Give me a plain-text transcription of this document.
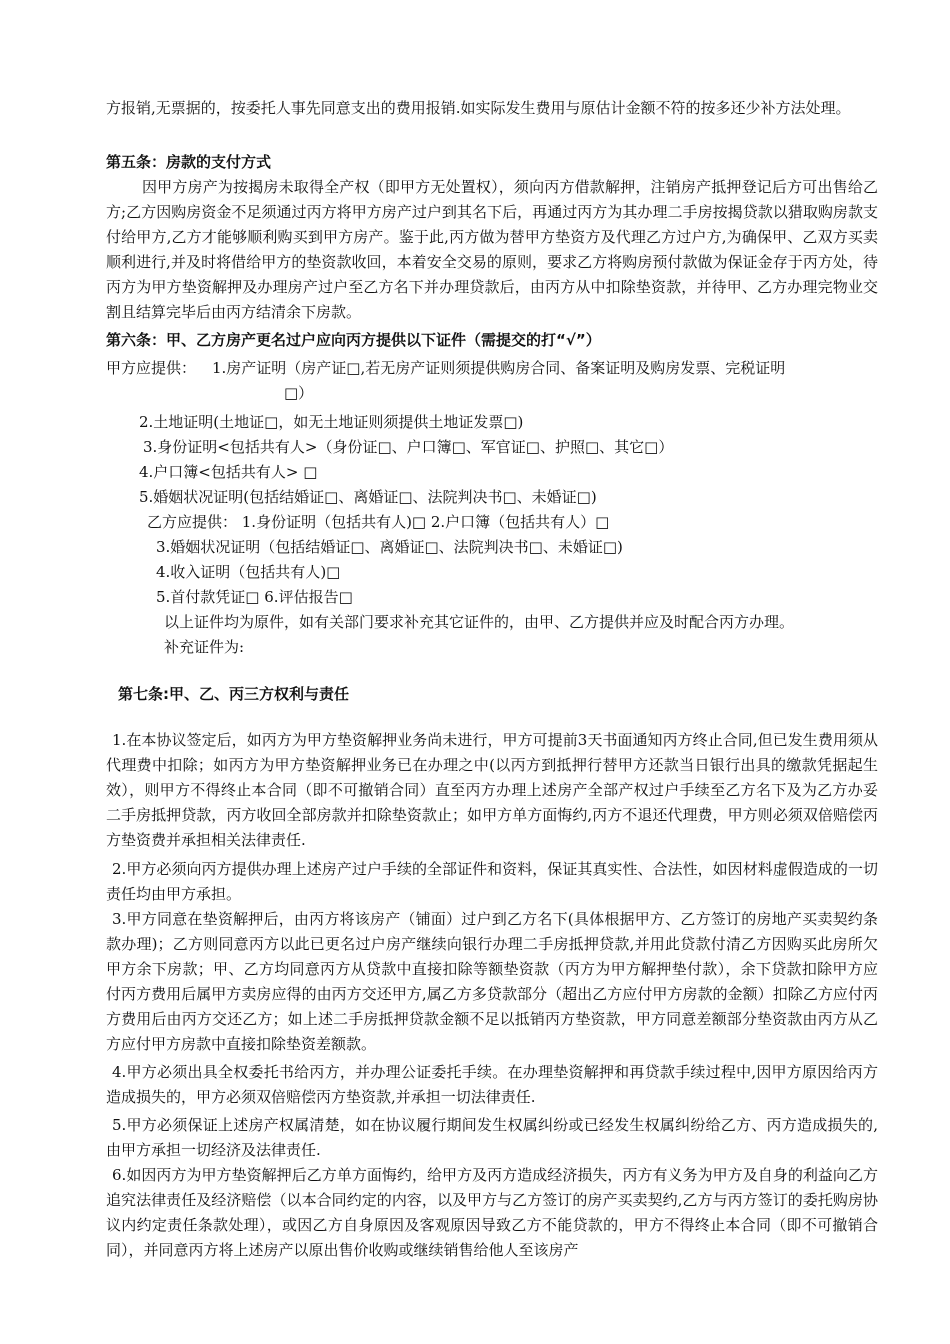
方报销,无票据的，按委托人事先同意支出的费用报销.如实际发生费用与原估计金额不符的按多还少补方法处理。
第五条：房款的支付方式
因甲方房产为按揭房未取得全产权（即甲方无处置权），须向丙方借款解押，注销房产抵押登记后方可出售给乙方;乙方因购房资金不足须通过丙方将甲方房产过户到其名下后，再通过丙方为其办理二手房按揭贷款以猎取购房款支付给甲方,乙方才能够顺利购买到甲方房产。鉴于此,丙方做为替甲方垫资方及代理乙方过户方,为确保甲、乙双方买卖顺利进行,并及时将借给甲方的垫资款收回，本着安全交易的原则，要求乙方将购房预付款做为保证金存于丙方处，待丙方为甲方垫资解押及办理房产过户至乙方名下并办理贷款后，由丙方从中扣除垫资款，并待甲、乙方办理完物业交割且结算完毕后由丙方结清余下房款。
第六条：甲、乙方房产更名过户应向丙方提供以下证件（需提交的打“√”）
甲方应提供：	1.房产证明（房产证□,若无房产证则须提供购房合同、备案证明及购房发票、完税证明
□）
2.土地证明(土地证□，如无土地证则须提供土地证发票□)
3.身份证明<包括共有人>（身份证□、户口簿□、军官证□、护照□、其它□）
4.户口簿<包括共有人> □
5.婚姻状况证明(包括结婚证□、离婚证□、法院判决书□、未婚证□)
乙方应提供： 1.身份证明（包括共有人)□ 2.户口簿（包括共有人）□
3.婚姻状况证明（包括结婚证□、离婚证□、法院判决书□、未婚证□)
4.收入证明（包括共有人)□
5.首付款凭证□ 6.评估报告□
以上证件均为原件，如有关部门要求补充其它证件的，由甲、乙方提供并应及时配合丙方办理。
补充证件为:
第七条:甲、乙、丙三方权利与责任
1.在本协议签定后，如丙方为甲方垫资解押业务尚未进行，甲方可提前3天书面通知丙方终止合同,但已发生费用须从代理费中扣除；如丙方为甲方垫资解押业务已在办理之中(以丙方到抵押行替甲方还款当日银行出具的缴款凭据起生效），则甲方不得终止本合同（即不可撤销合同）直至丙方办理上述房产全部产权过户手续至乙方名下及为乙方办妥二手房抵押贷款，丙方收回全部房款并扣除垫资款止；如甲方单方面悔约,丙方不退还代理费，甲方则必须双倍赔偿丙方垫资费并承担相关法律责任.
2.甲方必须向丙方提供办理上述房产过户手续的全部证件和资料，保证其真实性、合法性，如因材料虚假造成的一切责任均由甲方承担。
3.甲方同意在垫资解押后，由丙方将该房产（铺面）过户到乙方名下(具体根据甲方、乙方签订的房地产买卖契约条款办理)；乙方则同意丙方以此已更名过户房产继续向银行办理二手房抵押贷款,并用此贷款付清乙方因购买此房所欠甲方余下房款；甲、乙方均同意丙方从贷款中直接扣除等额垫资款（丙方为甲方解押垫付款），余下贷款扣除甲方应付丙方费用后属甲方卖房应得的由丙方交还甲方,属乙方多贷款部分（超出乙方应付甲方房款的金额）扣除乙方应付丙方费用后由丙方交还乙方；如上述二手房抵押贷款金额不足以抵销丙方垫资款，甲方同意差额部分垫资款由丙方从乙方应付甲方房款中直接扣除垫资差额款。
4.甲方必须出具全权委托书给丙方，并办理公证委托手续。在办理垫资解押和再贷款手续过程中,因甲方原因给丙方造成损失的，甲方必须双倍赔偿丙方垫资款,并承担一切法律责任.
5.甲方必须保证上述房产权属清楚，如在协议履行期间发生权属纠纷或已经发生权属纠纷给乙方、丙方造成损失的,由甲方承担一切经济及法律责任.
6.如因丙方为甲方垫资解押后乙方单方面悔约，给甲方及丙方造成经济损失，丙方有义务为甲方及自身的利益向乙方追究法律责任及经济赔偿（以本合同约定的内容，以及甲方与乙方签订的房产买卖契约,乙方与丙方签订的委托购房协议内约定责任条款处理），或因乙方自身原因及客观原因导致乙方不能贷款的，甲方不得终止本合同（即不可撤销合同），并同意丙方将上述房产以原出售价收购或继续销售给他人至该房产
